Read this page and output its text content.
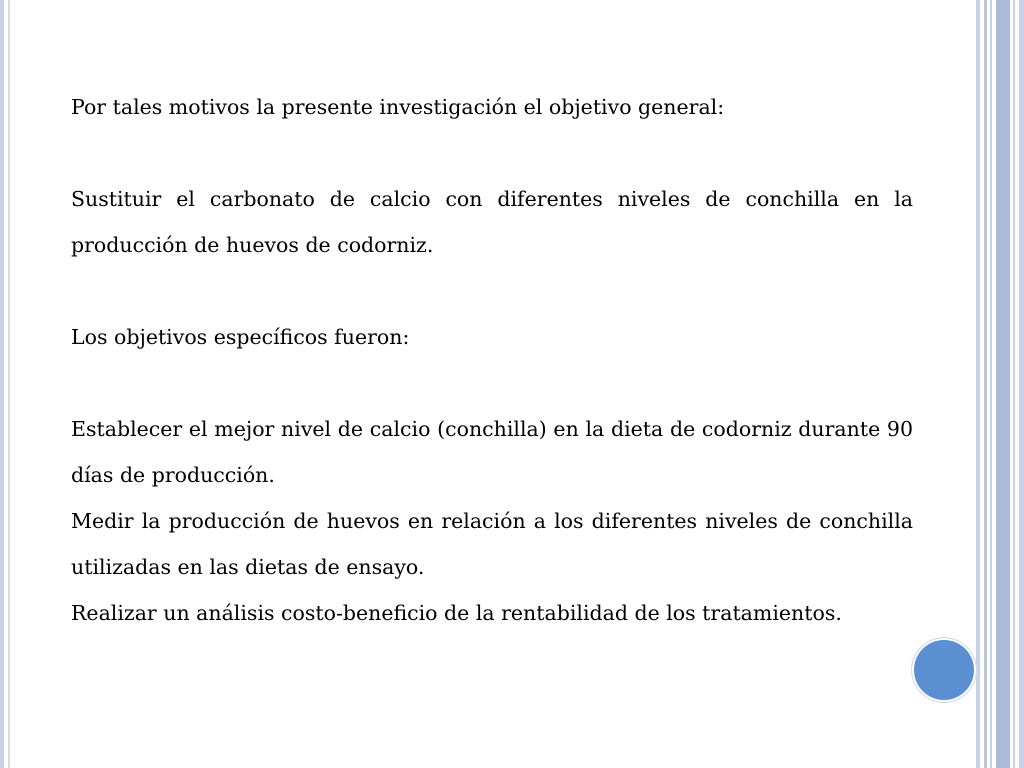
Por tales motivos la presente investigación el objetivo general:

Sustituir el carbonato de calcio con diferentes niveles de conchilla en la producción de huevos de codorniz.

Los objetivos específicos fueron:

Establecer el mejor nivel de calcio (conchilla) en la dieta de codorniz durante 90 días de producción.

Medir la producción de huevos en relación a los diferentes niveles de conchilla utilizadas en las dietas de ensayo.

Realizar un análisis costo-beneficio de la rentabilidad de los tratamientos.
